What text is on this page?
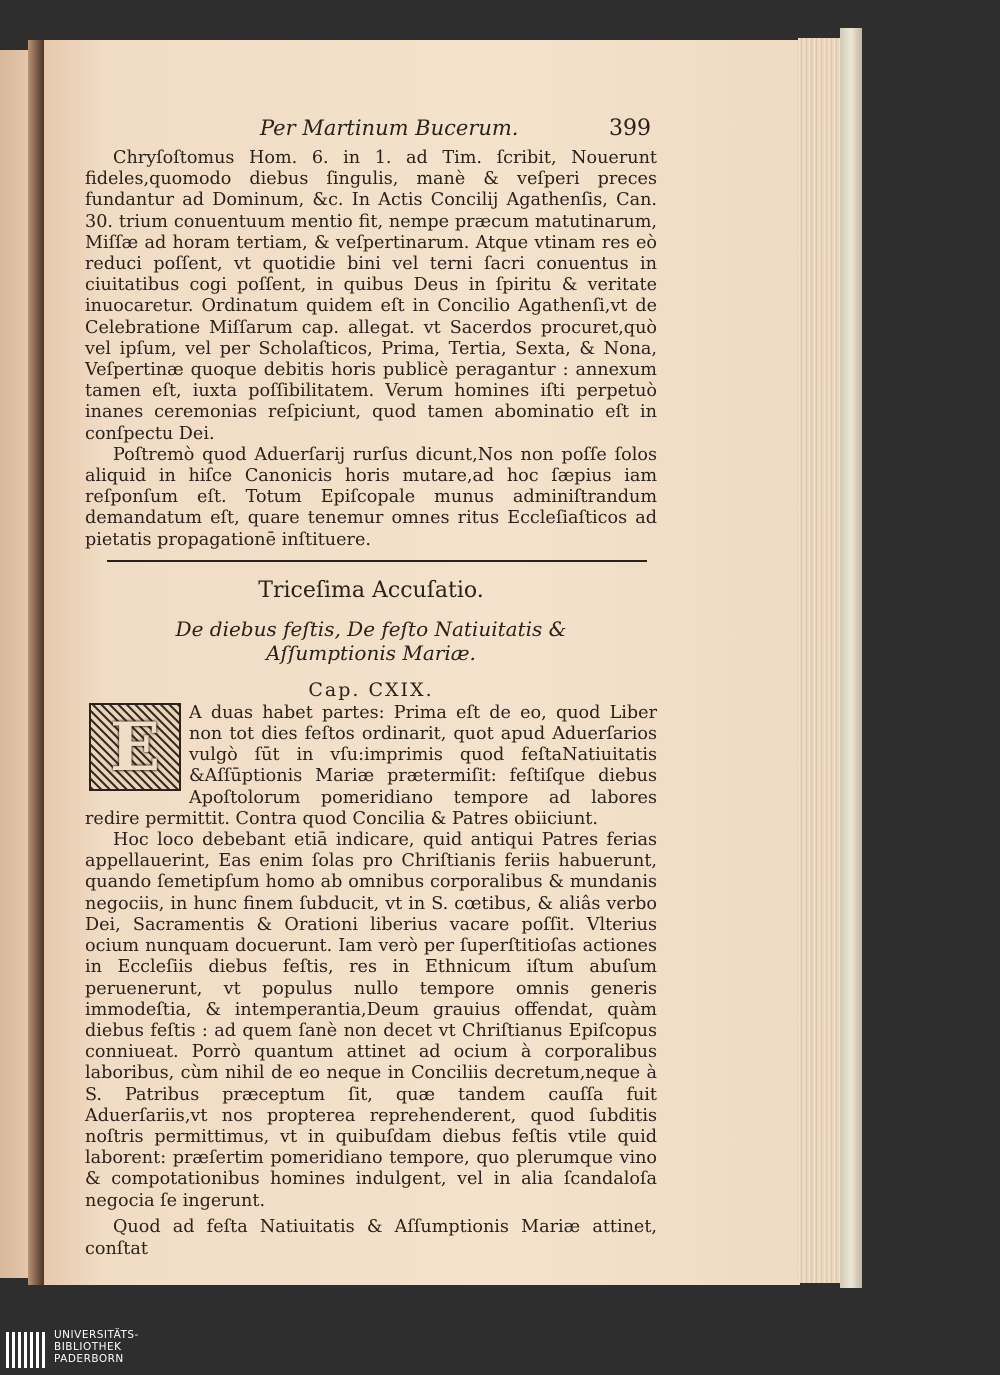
Per Martinum Bucerum.	399

Chryſoſtomus Hom. 6. in 1. ad Tim. ſcribit, Nouerunt fideles,quomodo diebus ſingulis, manè & veſperi preces fundantur ad Dominum, &c. In Actis Concilij Agathenſis, Can. 30. trium conuentuum mentio fit, nempe præcum matutinarum, Miſſæ ad horam tertiam, & veſpertinarum. Atque vtinam res eò reduci poſſent, vt quotidie bini vel terni ſacri conuentus in ciuitatibus cogi poſſent, in quibus Deus in ſpiritu & veritate inuocaretur. Ordinatum quidem eſt in Concilio Agathenſi,vt de Celebratione Miſſarum cap. allegat. vt Sacerdos procuret,quò vel ipſum, vel per Scholaſticos, Prima, Tertia, Sexta, & Nona, Veſpertinæ quoque debitis horis publicè peragantur : annexum tamen eſt, iuxta poſſibilitatem. Verum homines iſti perpetuò inanes ceremonias reſpiciunt, quod tamen abominatio eſt in conſpectu Dei.

Poſtremò quod Aduerſarij rurſus dicunt,Nos non poſſe ſolos aliquid in hiſce Canonicis horis mutare,ad hoc ſæpius iam reſponſum eſt. Totum Epiſcopale munus adminiſtrandum demandatum eſt, quare tenemur omnes ritus Eccleſiaſticos ad pietatis propagationē inſtituere.

Triceſima Accuſatio.
De diebus feſtis, De feſto Natiuitatis & Aſſumptionis Mariæ.
Cap. CXIX.
E	A duas habet partes: Prima eſt de eo, quod Liber non tot dies feſtos ordinarit, quot apud Aduerſarios vulgò ſūt in vſu:imprimis quod feſtaNatiuitatis &Aſſūptionis Mariæ prætermiſit: feſtiſque diebus Apoſtolorum pomeridiano tempore ad labores redire permittit. Contra quod Concilia & Patres obiiciunt.

Hoc loco debebant etiā indicare, quid antiqui Patres ferias appellauerint, Eas enim ſolas pro Chriſtianis feriis habuerunt, quando ſemetipſum homo ab omnibus corporalibus & mundanis negociis, in hunc finem ſubducit, vt in S. cœtibus, & aliâs verbo Dei, Sacramentis & Orationi liberius vacare poſſit. Vlterius ocium nunquam docuerunt. Iam verò per ſuperſtitioſas actiones in Eccleſiis diebus feſtis, res in Ethnicum iſtum abuſum peruenerunt, vt populus nullo tempore omnis generis immodeſtia, & intemperantia,Deum grauius offendat, quàm diebus feſtis : ad quem ſanè non decet vt Chriſtianus Epiſcopus conniueat. Porrò quantum attinet ad ocium à corporalibus laboribus, cùm nihil de eo neque in Conciliis decretum,neque à S. Patribus præceptum ſit, quæ tandem cauſſa fuit Aduerſariis,vt nos propterea reprehenderent, quod ſubditis noſtris permittimus, vt in quibuſdam diebus feſtis vtile quid laborent: præſertim pomeridiano tempore, quo plerumque vino & compotationibus homines indulgent, vel in alia ſcandaloſa negocia ſe ingerunt.

Quod ad feſta Natiuitatis & Aſſumptionis Mariæ attinet, conſtat

UNIVERSITÄTS-
BIBLIOTHEK
PADERBORN
